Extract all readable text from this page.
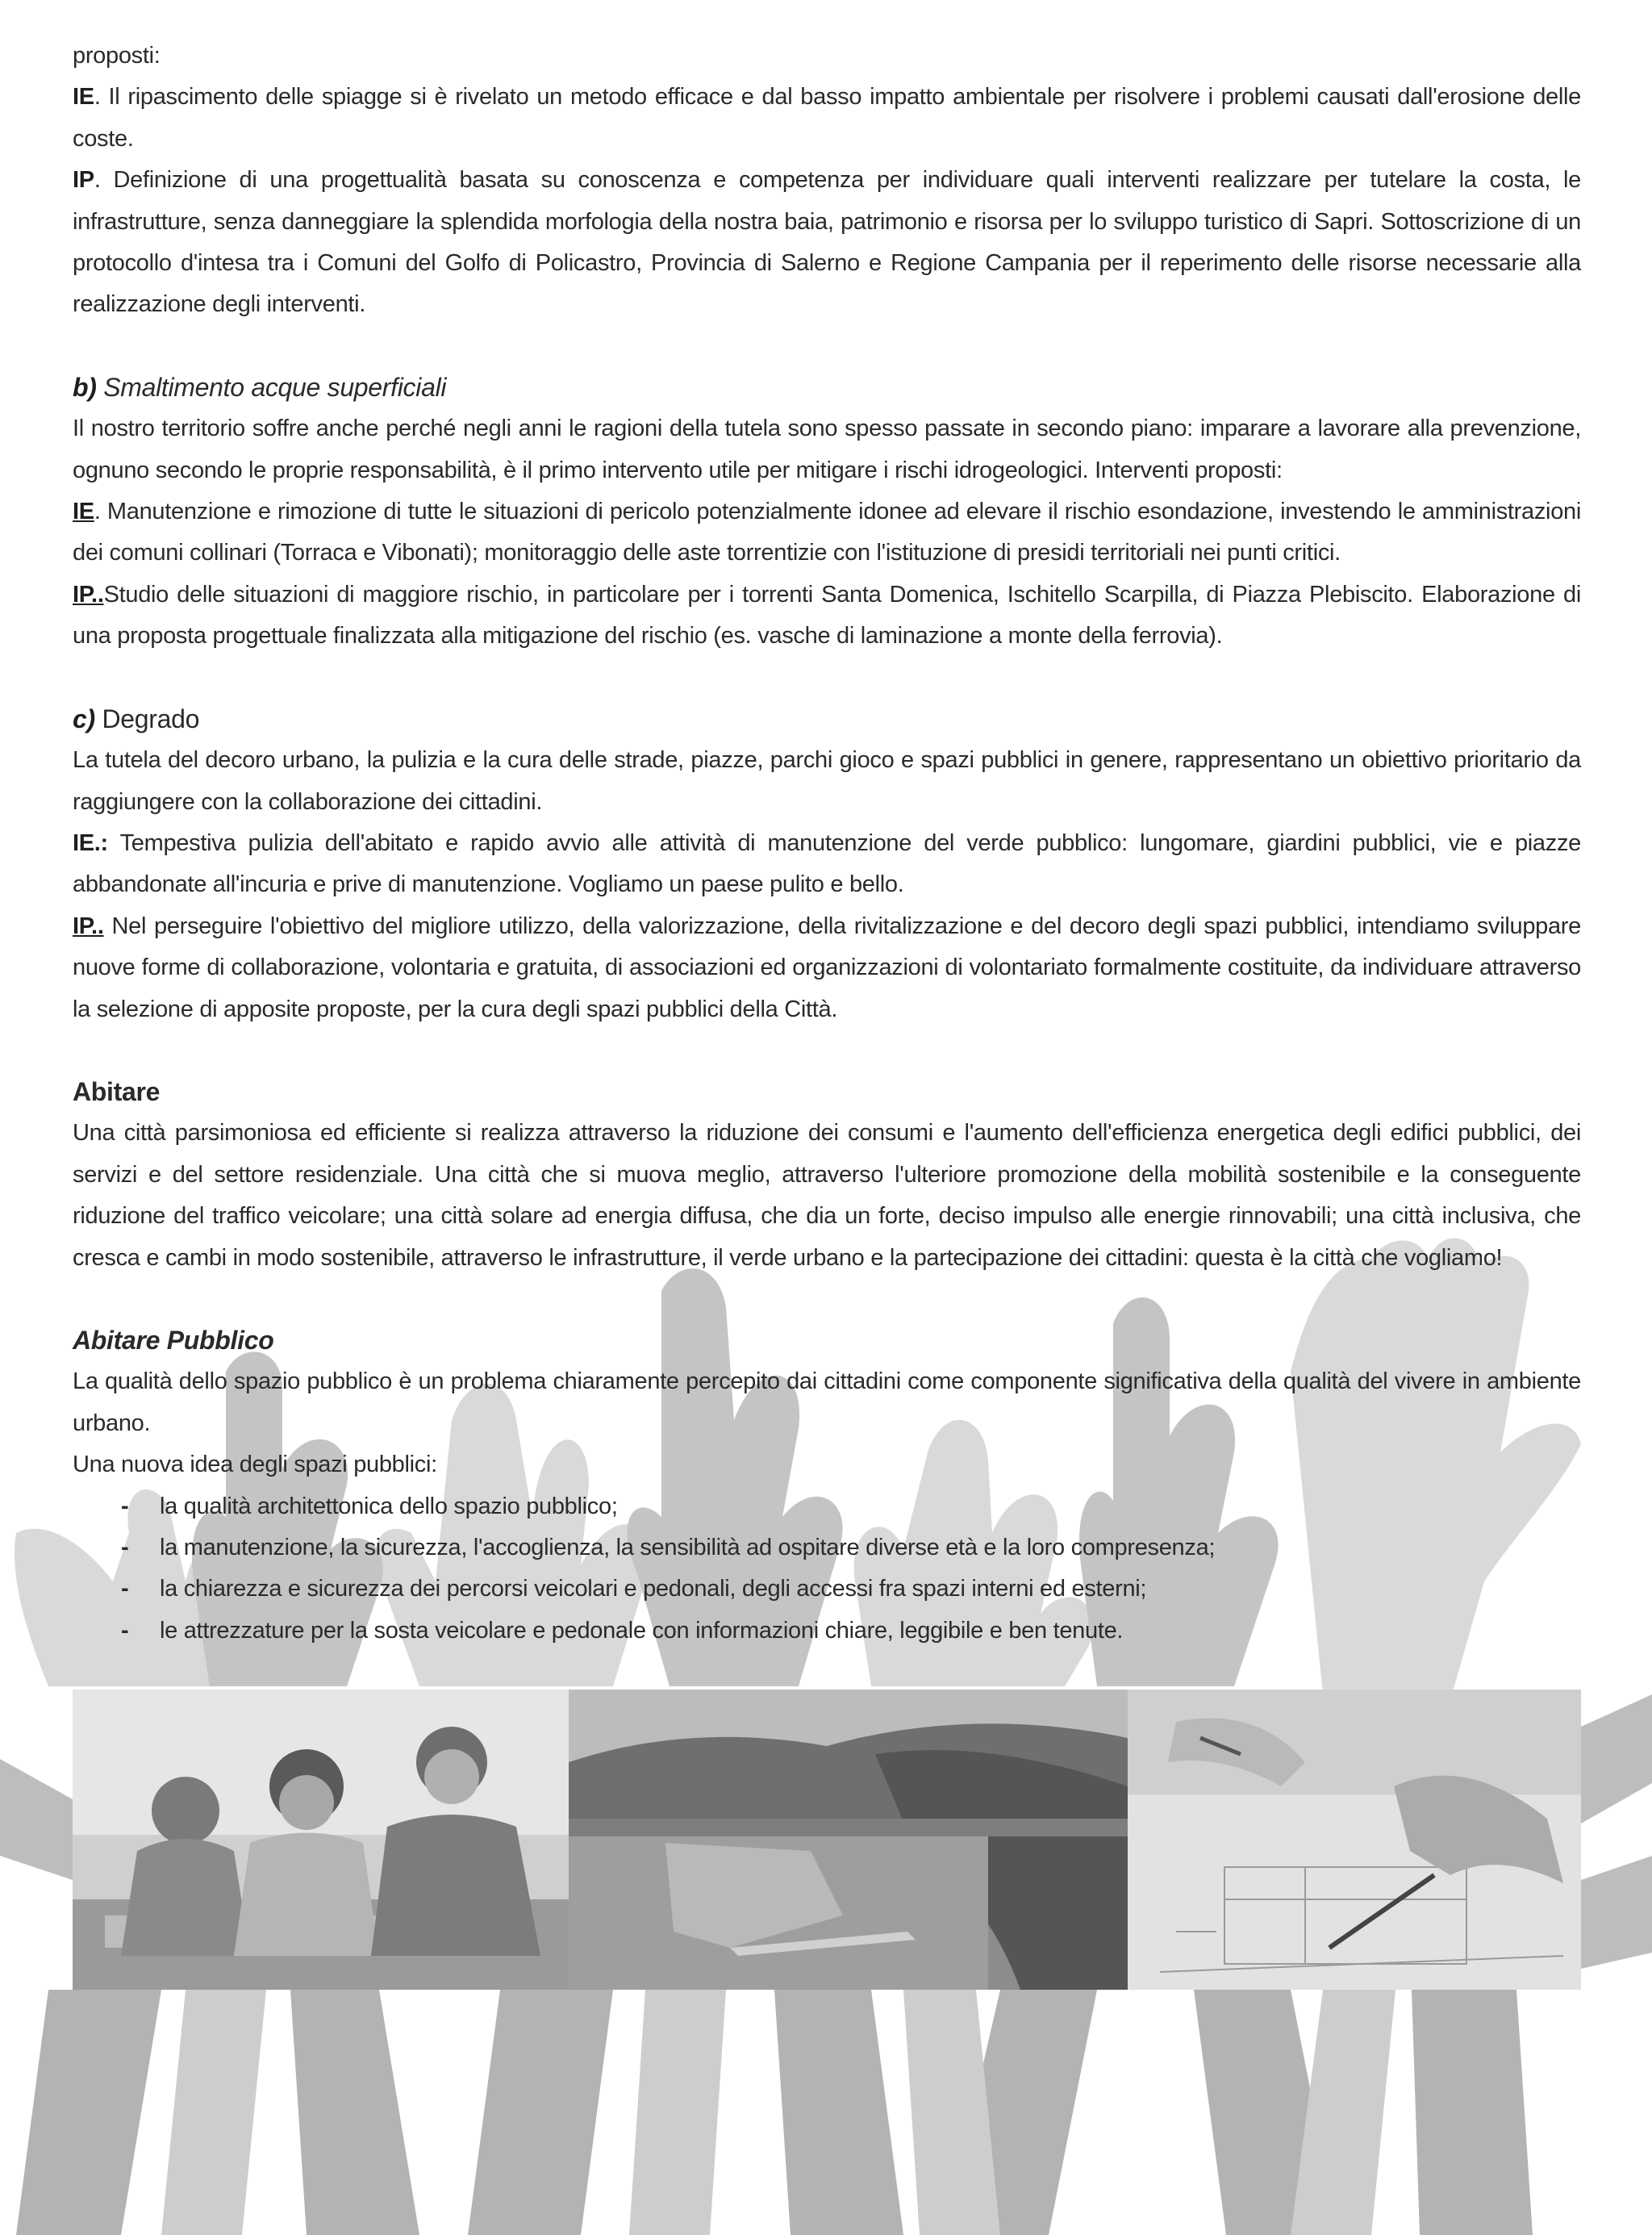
proposti:

IE. Il ripascimento delle spiagge si è rivelato un metodo efficace e dal basso impatto ambientale per risolvere i problemi causati dall'erosione delle coste.

IP. Definizione di una progettualità basata su conoscenza e competenza per individuare quali interventi realizzare per tutelare la costa, le infrastrutture, senza danneggiare la splendida morfologia della nostra baia, patrimonio e risorsa per lo sviluppo turistico di Sapri. Sottoscrizione di un protocollo d'intesa tra i Comuni del Golfo di Policastro, Provincia di Salerno e Regione Campania per il reperimento delle risorse necessarie alla realizzazione degli interventi.

b) Smaltimento acque superficiali

Il nostro territorio soffre anche perché negli anni le ragioni della tutela sono spesso passate in secondo piano: imparare a lavorare alla prevenzione, ognuno secondo le proprie responsabilità, è il primo intervento utile per mitigare i rischi idrogeologici. Interventi proposti:

IE. Manutenzione e rimozione di tutte le situazioni di pericolo potenzialmente idonee ad elevare il rischio esondazione, investendo le amministrazioni dei comuni collinari (Torraca e Vibonati); monitoraggio delle aste torrentizie con l'istituzione di presidi territoriali nei punti critici.

IP..Studio delle situazioni di maggiore rischio, in particolare per i torrenti Santa Domenica, Ischitello Scarpilla, di Piazza Plebiscito. Elaborazione di una proposta progettuale finalizzata alla mitigazione del rischio (es. vasche di laminazione a monte della ferrovia).

c) Degrado

La tutela del decoro urbano, la pulizia e la cura delle strade, piazze, parchi gioco e spazi pubblici in genere, rappresentano un obiettivo prioritario da raggiungere con la collaborazione dei cittadini.

IE.: Tempestiva pulizia dell'abitato e rapido avvio alle attività di manutenzione del verde pubblico: lungomare, giardini pubblici, vie e piazze abbandonate all'incuria e prive di manutenzione. Vogliamo un paese pulito e bello.

IP.. Nel perseguire l'obiettivo del migliore utilizzo, della valorizzazione, della rivitalizzazione e del decoro degli spazi pubblici, intendiamo sviluppare nuove forme di collaborazione, volontaria e gratuita, di associazioni ed organizzazioni di volontariato formalmente costituite, da individuare attraverso la selezione di apposite proposte, per la cura degli spazi pubblici della Città.

Abitare

Una città parsimoniosa ed efficiente si realizza attraverso la riduzione dei consumi e l'aumento dell'efficienza energetica degli edifici pubblici, dei servizi e del settore residenziale. Una città che si muova meglio, attraverso l'ulteriore promozione della mobilità sostenibile e la conseguente riduzione del traffico veicolare; una città solare ad energia diffusa, che dia un forte, deciso impulso alle energie rinnovabili; una città inclusiva, che cresca e cambi in modo sostenibile, attraverso le infrastrutture, il verde urbano e la partecipazione dei cittadini: questa è la città che vogliamo!

Abitare Pubblico

La qualità dello spazio pubblico è un problema chiaramente percepito dai cittadini come componente significativa della qualità del vivere in ambiente urbano.

Una nuova idea degli spazi pubblici:

- la qualità architettonica dello spazio pubblico;
- la manutenzione, la sicurezza, l'accoglienza, la sensibilità ad ospitare diverse età e la loro compresenza;
- la chiarezza e sicurezza dei percorsi veicolari e pedonali, degli accessi fra spazi interni ed esterni;
- le attrezzature per la sosta veicolare e pedonale con informazioni chiare, leggibile e ben tenute.
